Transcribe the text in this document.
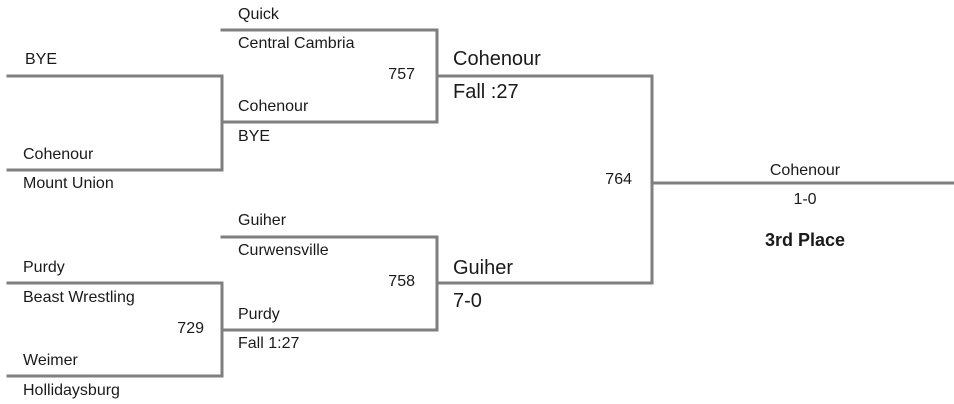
BYE
Cohenour
Mount Union
Purdy
Beast Wrestling
729
Weimer
Hollidaysburg
Quick
Central Cambria
757
Cohenour
BYE
Guiher
Curwensville
758
Purdy
Fall 1:27
Cohenour
Fall :27
Guiher
7-0
764
Cohenour
1-0
3rd Place
